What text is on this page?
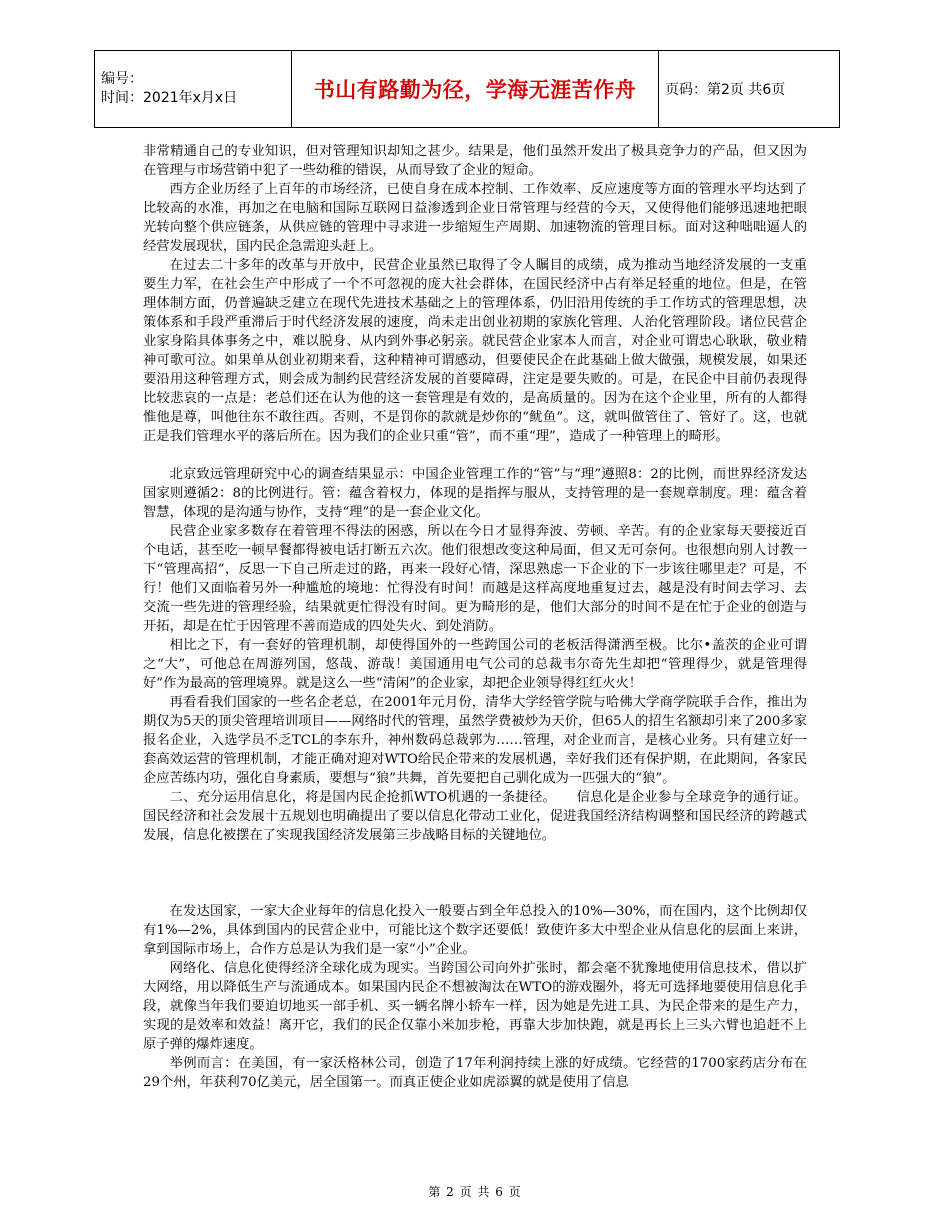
编号：
时间：2021年x月x日	书山有路勤为径，学海无涯苦作舟	页码：第2页 共6页

非常精通自己的专业知识，但对管理知识却知之甚少。结果是，他们虽然开发出了极具竞争力的产品，但又因为在管理与市场营销中犯了一些幼稚的错误，从而导致了企业的短命。

西方企业历经了上百年的市场经济，已使自身在成本控制、工作效率、反应速度等方面的管理水平均达到了比较高的水准，再加之在电脑和国际互联网日益渗透到企业日常管理与经营的今天，又使得他们能够迅速地把眼光转向整个供应链条，从供应链的管理中寻求进一步缩短生产周期、加速物流的管理目标。面对这种咄咄逼人的经营发展现状，国内民企急需迎头赶上。

在过去二十多年的改革与开放中，民营企业虽然已取得了令人瞩目的成绩，成为推动当地经济发展的一支重要生力军，在社会生产中形成了一个不可忽视的庞大社会群体，在国民经济中占有举足轻重的地位。但是，在管理体制方面，仍普遍缺乏建立在现代先进技术基础之上的管理体系，仍旧沿用传统的手工作坊式的管理思想，决策体系和手段严重滞后于时代经济发展的速度，尚未走出创业初期的家族化管理、人治化管理阶段。诸位民营企业家身陷具体事务之中，难以脱身、从内到外事必躬亲。就民营企业家本人而言，对企业可谓忠心耿耿，敬业精神可歌可泣。如果单从创业初期来看，这种精神可谓感动，但要使民企在此基础上做大做强，规模发展，如果还要沿用这种管理方式，则会成为制约民营经济发展的首要障碍，注定是要失败的。可是，在民企中目前仍表现得比较悲哀的一点是：老总们还在认为他的这一套管理是有效的，是高质量的。因为在这个企业里，所有的人都得惟他是尊，叫他往东不敢往西。否则，不是罚你的款就是炒你的“鱿鱼”。这，就叫做管住了、管好了。这，也就正是我们管理水平的落后所在。因为我们的企业只重“管”，而不重“理”，造成了一种管理上的畸形。

北京致远管理研究中心的调查结果显示：中国企业管理工作的“管”与“理”遵照8：2的比例，而世界经济发达国家则遵循2：8的比例进行。管：蕴含着权力，体现的是指挥与服从，支持管理的是一套规章制度。理：蕴含着智慧，体现的是沟通与协作，支持“理”的是一套企业文化。

民营企业家多数存在着管理不得法的困惑，所以在今日才显得奔波、劳顿、辛苦。有的企业家每天要接近百个电话，甚至吃一顿早餐都得被电话打断五六次。他们很想改变这种局面，但又无可奈何。也很想向别人讨教一下“管理高招”，反思一下自己所走过的路，再来一段好心情，深思熟虑一下企业的下一步该往哪里走？可是，不行！他们又面临着另外一种尴尬的境地：忙得没有时间！而越是这样高度地重复过去，越是没有时间去学习、去交流一些先进的管理经验，结果就更忙得没有时间。更为畸形的是，他们大部分的时间不是在忙于企业的创造与开拓，却是在忙于因管理不善而造成的四处失火、到处消防。

相比之下，有一套好的管理机制，却使得国外的一些跨国公司的老板活得潇洒至极。比尔•盖茨的企业可谓之“大”，可他总在周游列国，悠哉、游哉！美国通用电气公司的总裁韦尔奇先生却把“管理得少，就是管理得好”作为最高的管理境界。就是这么一些“清闲”的企业家，却把企业领导得红红火火！

再看看我们国家的一些名企老总，在2001年元月份，清华大学经管学院与哈佛大学商学院联手合作，推出为期仅为5天的顶尖管理培训项目——网络时代的管理，虽然学费被炒为天价，但65人的招生名额却引来了200多家报名企业，入选学员不乏TCL的李东升，神州数码总裁郭为……管理，对企业而言，是核心业务。只有建立好一套高效运营的管理机制，才能正确对迎对WTO给民企带来的发展机遇，幸好我们还有保护期，在此期间，各家民企应苦练内功，强化自身素质，要想与“狼”共舞，首先要把自己驯化成为一匹强大的“狼”。

二、充分运用信息化，将是国内民企抢抓WTO机遇的一条捷径。　　信息化是企业参与全球竞争的通行证。国民经济和社会发展十五规划也明确提出了要以信息化带动工业化，促进我国经济结构调整和国民经济的跨越式发展，信息化被摆在了实现我国经济发展第三步战略目标的关键地位。

在发达国家，一家大企业每年的信息化投入一般要占到全年总投入的10%—30%，而在国内，这个比例却仅有1%—2%，具体到国内的民营企业中，可能比这个数字还要低！致使许多大中型企业从信息化的层面上来讲，拿到国际市场上，合作方总是认为我们是一家“小”企业。

网络化、信息化使得经济全球化成为现实。当跨国公司向外扩张时，都会毫不犹豫地使用信息技术，借以扩大网络，用以降低生产与流通成本。如果国内民企不想被淘汰在WTO的游戏圈外，将无可选择地要使用信息化手段，就像当年我们要迫切地买一部手机、买一辆名牌小轿车一样，因为她是先进工具、为民企带来的是生产力，实现的是效率和效益！离开它，我们的民企仅靠小米加步枪，再靠大步加快跑，就是再长上三头六臂也追赶不上原子弹的爆炸速度。

举例而言：在美国，有一家沃格林公司，创造了17年利润持续上涨的好成绩。它经营的1700家药店分布在29个州，年获利70亿美元，居全国第一。而真正使企业如虎添翼的就是使用了信息

第 2 页 共 6 页
